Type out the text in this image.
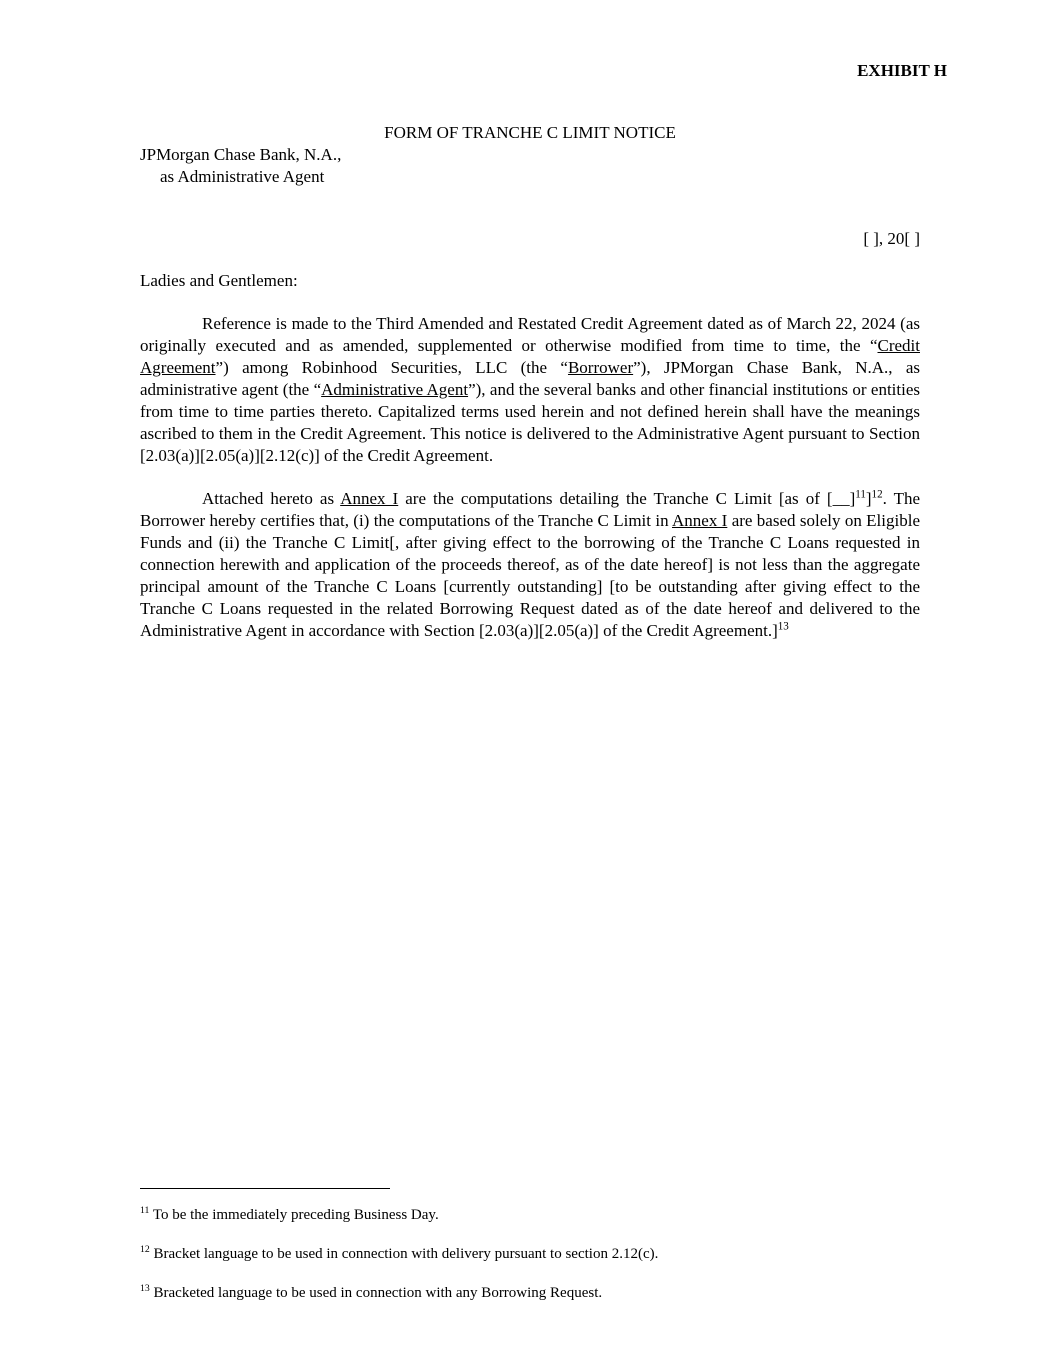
EXHIBIT H
FORM OF TRANCHE C LIMIT NOTICE
JPMorgan Chase Bank, N.A.,
as Administrative Agent
[ ], 20[ ]
Ladies and Gentlemen:

Reference is made to the Third Amended and Restated Credit Agreement dated as of March 22, 2024 (as originally executed and as amended, supplemented or otherwise modified from time to time, the “Credit Agreement”) among Robinhood Securities, LLC (the “Borrower”), JPMorgan Chase Bank, N.A., as administrative agent (the “Administrative Agent”), and the several banks and other financial institutions or entities from time to time parties thereto. Capitalized terms used herein and not defined herein shall have the meanings ascribed to them in the Credit Agreement. This notice is delivered to the Administrative Agent pursuant to Section [2.03(a)][2.05(a)][2.12(c)] of the Credit Agreement.

Attached hereto as Annex I are the computations detailing the Tranche C Limit [as of [__]$^{11}$]$^{12}$. The Borrower hereby certifies that, (i) the computations of the Tranche C Limit in Annex I are based solely on Eligible Funds and (ii) the Tranche C Limit[, after giving effect to the borrowing of the Tranche C Loans requested in connection herewith and application of the proceeds thereof, as of the date hereof] is not less than the aggregate principal amount of the Tranche C Loans [currently outstanding] [to be outstanding after giving effect to the Tranche C Loans requested in the related Borrowing Request dated as of the date hereof and delivered to the Administrative Agent in accordance with Section [2.03(a)][2.05(a)] of the Credit Agreement.]$^{13}$

$^{11}$ To be the immediately preceding Business Day.
$^{12}$ Bracket language to be used in connection with delivery pursuant to section 2.12(c).
$^{13}$ Bracketed language to be used in connection with any Borrowing Request.
